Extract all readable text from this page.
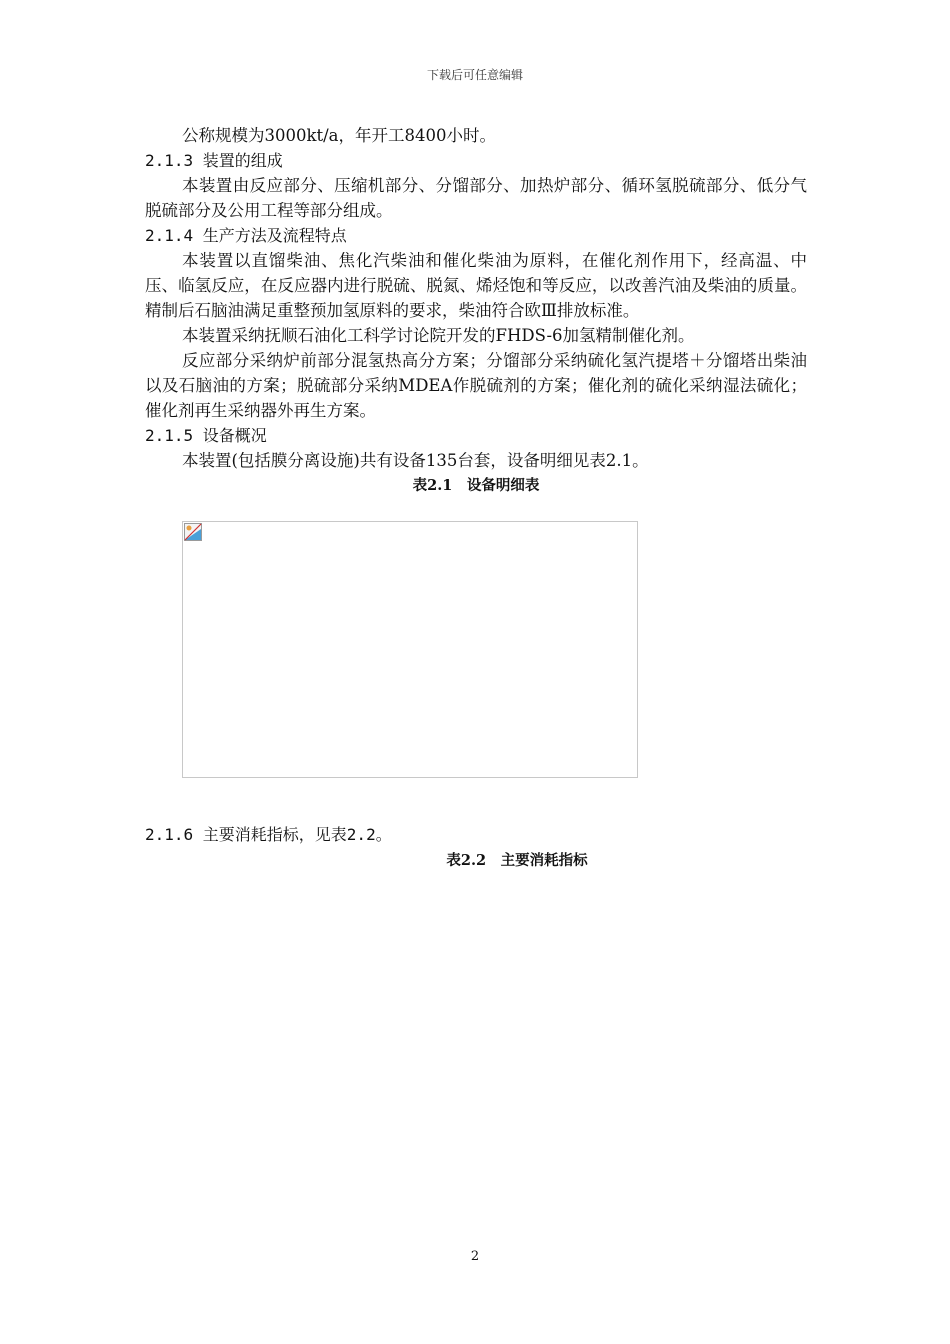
下载后可任意编辑

公称规模为3000kt/a，年开工8400小时。

2.1.3 装置的组成

本装置由反应部分、压缩机部分、分馏部分、加热炉部分、循环氢脱硫部分、低分气脱硫部分及公用工程等部分组成。

2.1.4 生产方法及流程特点

本装置以直馏柴油、焦化汽柴油和催化柴油为原料，在催化剂作用下，经高温、中压、临氢反应，在反应器内进行脱硫、脱氮、烯烃饱和等反应，以改善汽油及柴油的质量。精制后石脑油满足重整预加氢原料的要求，柴油符合欧Ⅲ排放标准。

本装置采纳抚顺石油化工科学讨论院开发的FHDS-6加氢精制催化剂。

反应部分采纳炉前部分混氢热高分方案；分馏部分采纳硫化氢汽提塔＋分馏塔出柴油以及石脑油的方案；脱硫部分采纳MDEA作脱硫剂的方案；催化剂的硫化采纳湿法硫化；催化剂再生采纳器外再生方案。

2.1.5 设备概况

本装置(包括膜分离设施)共有设备135台套，设备明细见表2.1。

表2.1　设备明细表

2.1.6 主要消耗指标，见表2.2。
表2.2　主要消耗指标
2
